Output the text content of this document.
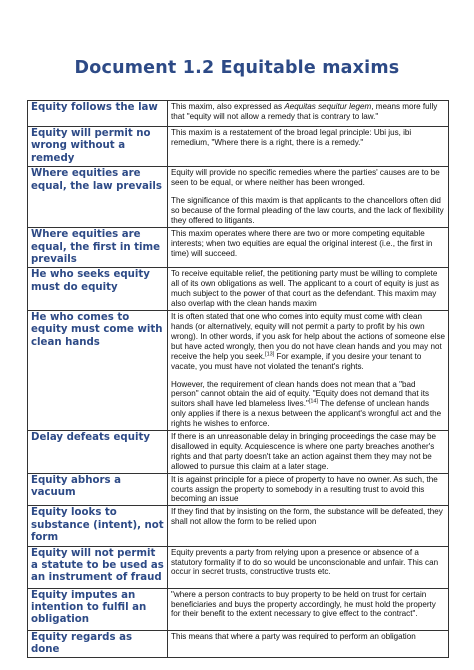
Document 1.2 Equitable maxims
Equity follows the law	This maxim, also expressed as Aequitas sequitur legem, means more fully that "equity will not allow a remedy that is contrary to law."

Equity will permit no wrong without a remedy	This maxim is a restatement of the broad legal principle: Ubi jus, ibi remedium, "Where there is a right, there is a remedy."

Where equities are equal, the law prevails	Equity will provide no specific remedies where the parties' causes are to be seen to be equal, or where neither has been wronged.

The significance of this maxim is that applicants to the chancellors often did so because of the formal pleading of the law courts, and the lack of flexibility they offered to litigants.

Where equities are equal, the first in time prevails	This maxim operates where there are two or more competing equitable interests; when two equities are equal the original interest (i.e., the first in time) will succeed.

He who seeks equity must do equity	To receive equitable relief, the petitioning party must be willing to complete all of its own obligations as well. The applicant to a court of equity is just as much subject to the power of that court as the defendant. This maxim may also overlap with the clean hands maxim

He who comes to equity must come with clean hands	It is often stated that one who comes into equity must come with clean hands (or alternatively, equity will not permit a party to profit by his own wrong). In other words, if you ask for help about the actions of someone else but have acted wrongly, then you do not have clean hands and you may not receive the help you seek.[13] For example, if you desire your tenant to vacate, you must have not violated the tenant's rights.

However, the requirement of clean hands does not mean that a "bad person" cannot obtain the aid of equity. "Equity does not demand that its suitors shall have led blameless lives."[14] The defense of unclean hands only applies if there is a nexus between the applicant's wrongful act and the rights he wishes to enforce.

Delay defeats equity	If there is an unreasonable delay in bringing proceedings the case may be disallowed in equity. Acquiescence is where one party breaches another's rights and that party doesn't take an action against them they may not be allowed to pursue this claim at a later stage.

Equity abhors a vacuum	It is against principle for a piece of property to have no owner. As such, the courts assign the property to somebody in a resulting trust to avoid this becoming an issue

Equity looks to substance (intent), not form	If they find that by insisting on the form, the substance will be defeated, they shall not allow the form to be relied upon

Equity will not permit a statute to be used as an instrument of fraud	Equity prevents a party from relying upon a presence or absence of a statutory formality if to do so would be unconscionable and unfair. This can occur in secret trusts, constructive trusts etc.

Equity imputes an intention to fulfil an obligation	"where a person contracts to buy property to be held on trust for certain beneficiaries and buys the property accordingly, he must hold the property for their benefit to the extent necessary to give effect to the contract".

Equity regards as done	This means that where a party was required to perform an obligation
